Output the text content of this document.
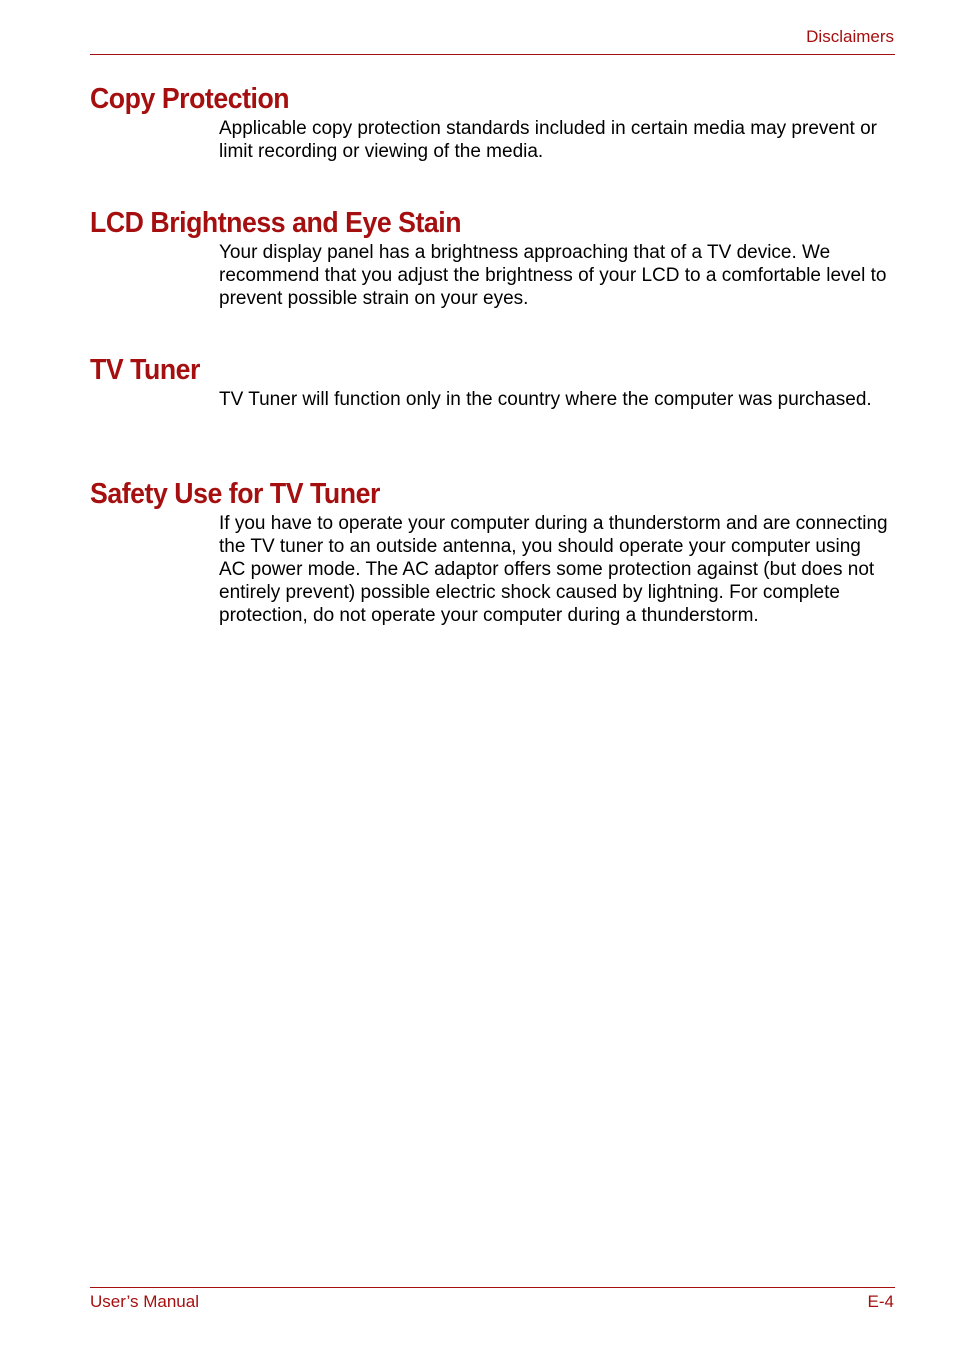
Disclaimers
Copy Protection

Applicable copy protection standards included in certain media may prevent or limit recording or viewing of the media.

LCD Brightness and Eye Stain

Your display panel has a brightness approaching that of a TV device. We recommend that you adjust the brightness of your LCD to a comfortable level to prevent possible strain on your eyes.

TV Tuner

TV Tuner will function only in the country where the computer was purchased.

Safety Use for TV Tuner

If you have to operate your computer during a thunderstorm and are connecting the TV tuner to an outside antenna, you should operate your computer using AC power mode. The AC adaptor offers some protection against (but does not entirely prevent) possible electric shock caused by lightning. For complete protection, do not operate your computer during a thunderstorm.

User’s Manual	E-4
